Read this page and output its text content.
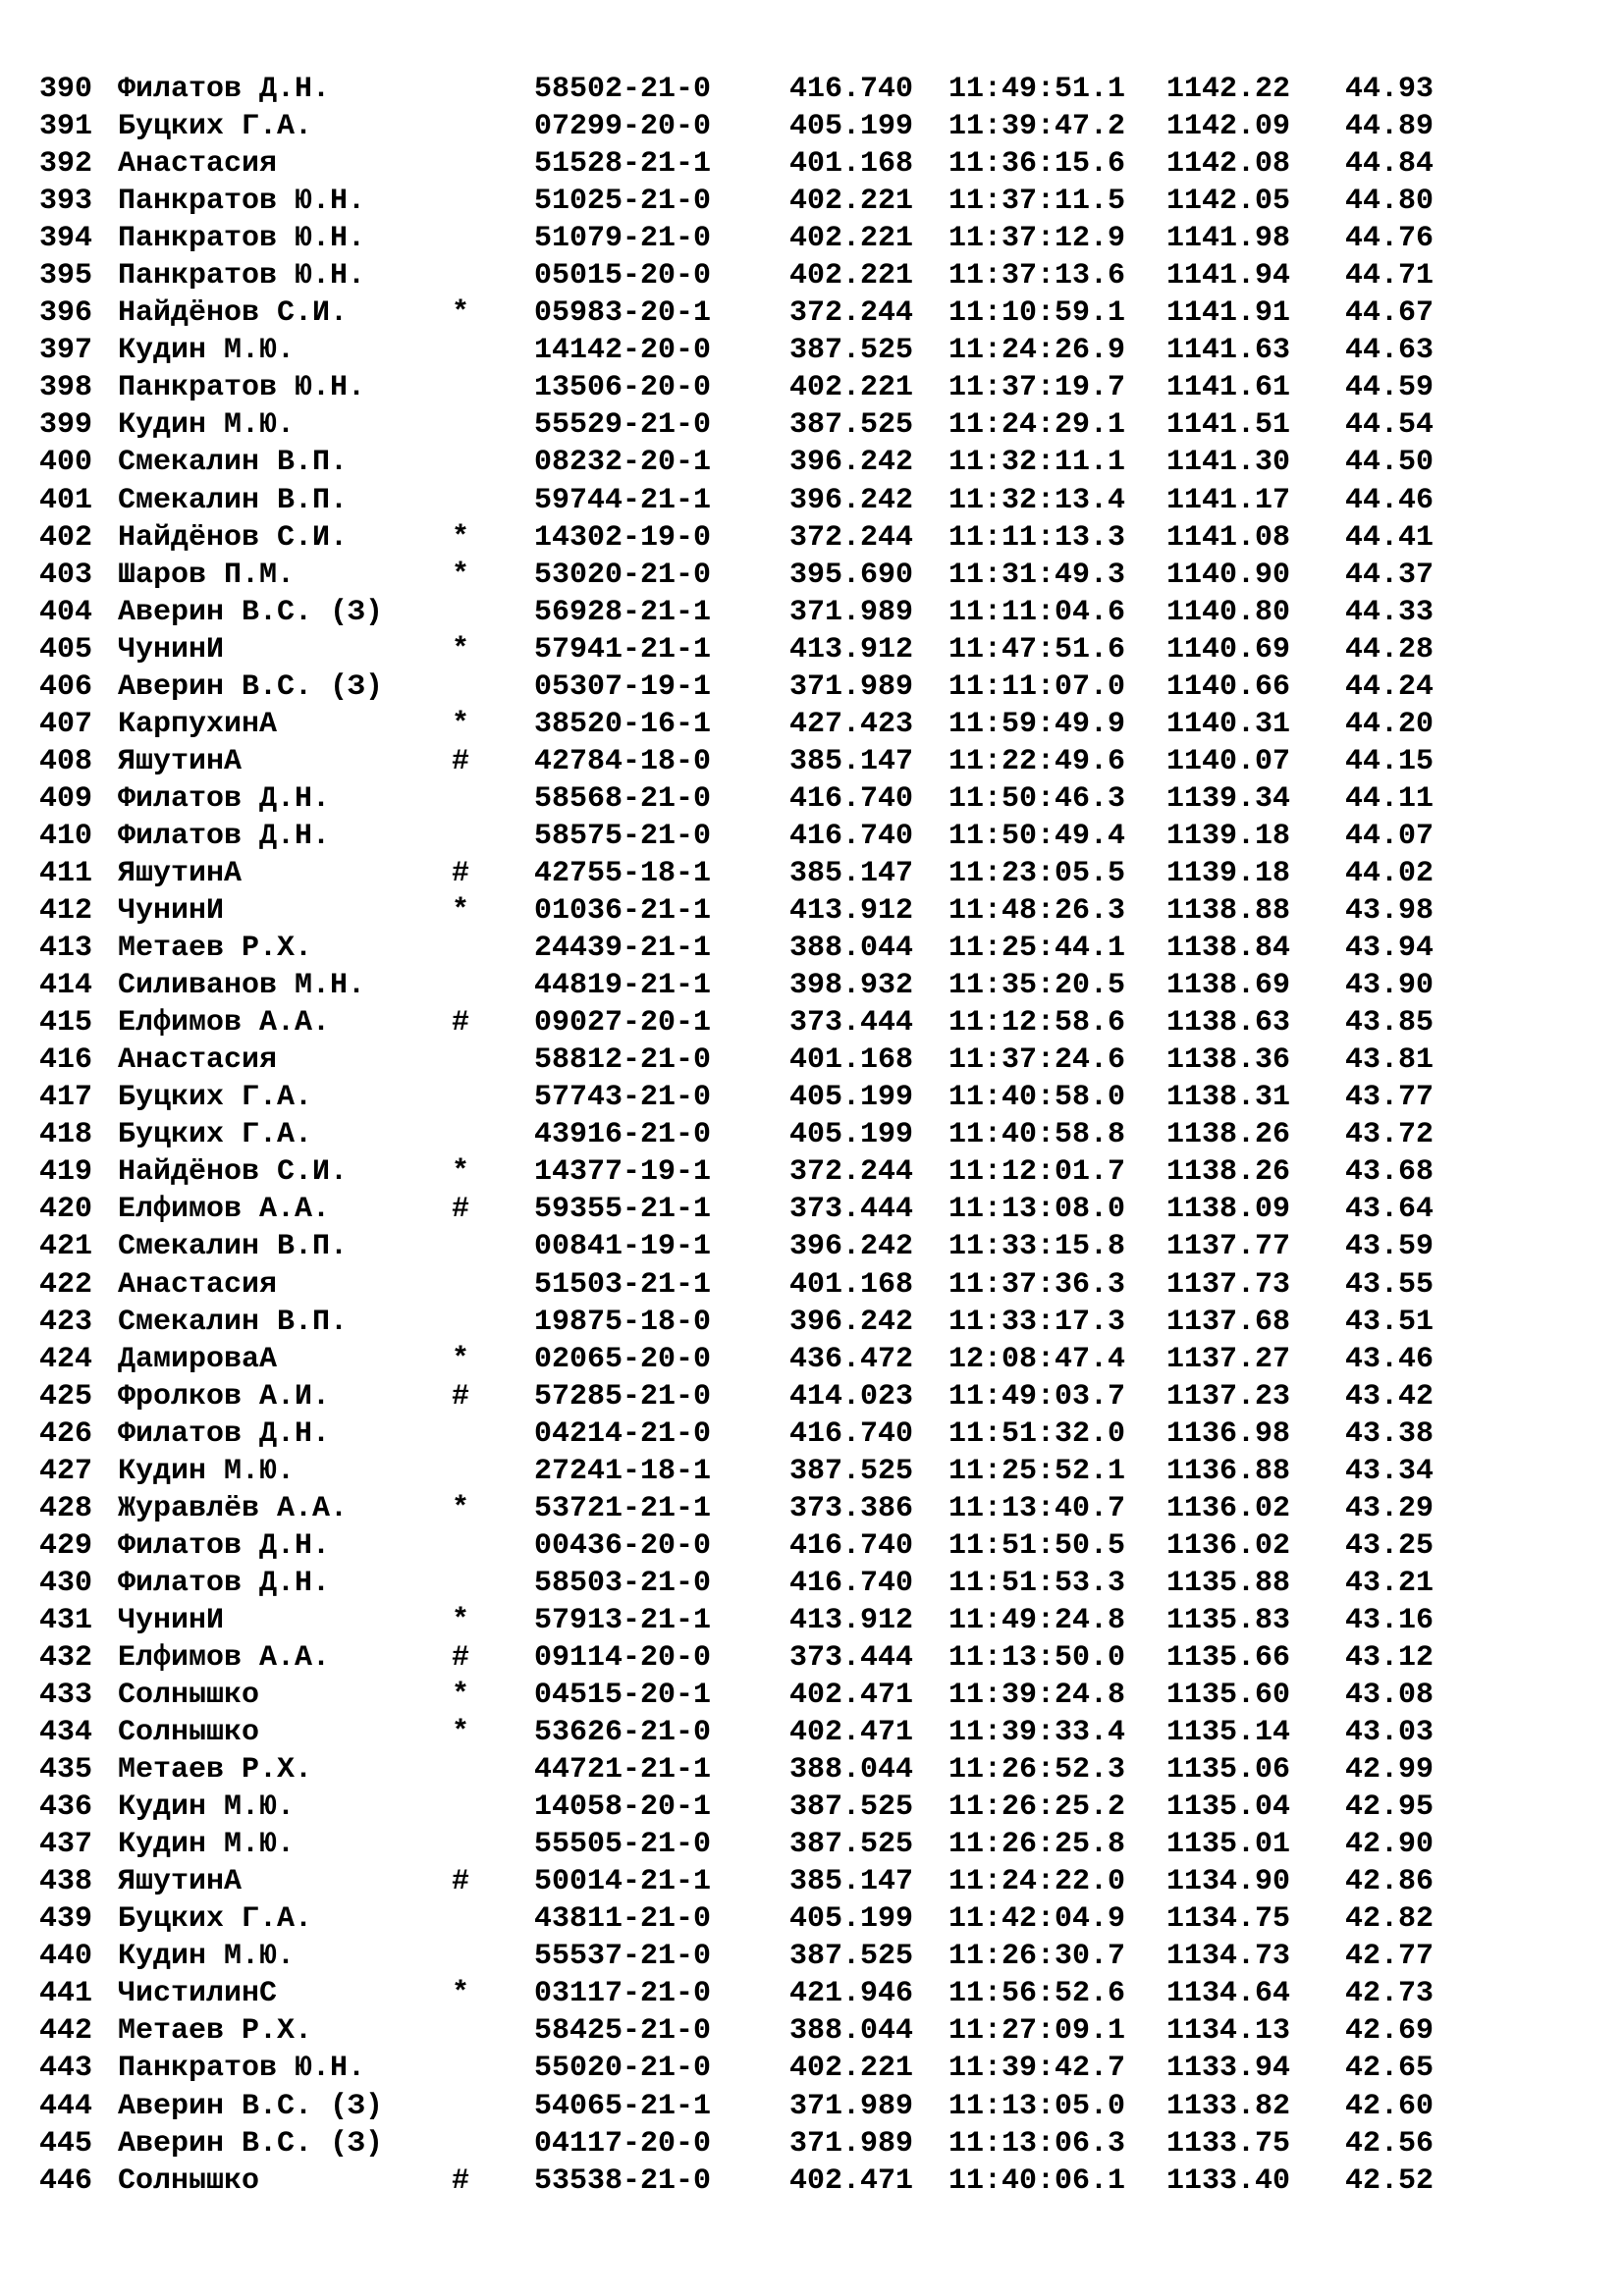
390 Филатов Д.Н.	58502-21-0	416.740 11:49:51.1 1142.22 44.93
391 Буцких Г.А.	07299-20-0	405.199 11:39:47.2 1142.09 44.89
392 Анастасия	51528-21-1	401.168 11:36:15.6 1142.08 44.84
393 Панкратов Ю.Н.	51025-21-0	402.221 11:37:11.5 1142.05 44.80
394 Панкратов Ю.Н.	51079-21-0	402.221 11:37:12.9 1141.98 44.76
395 Панкратов Ю.Н.	05015-20-0	402.221 11:37:13.6 1141.94 44.71
396 Найдёнов С.И.	* 05983-20-1	372.244 11:10:59.1 1141.91 44.67
397 Кудин М.Ю.	14142-20-0	387.525 11:24:26.9 1141.63 44.63
398 Панкратов Ю.Н.	13506-20-0	402.221 11:37:19.7 1141.61 44.59
399 Кудин М.Ю.	55529-21-0	387.525 11:24:29.1 1141.51 44.54
400 Смекалин В.П.	08232-20-1	396.242 11:32:11.1 1141.30 44.50
401 Смекалин В.П.	59744-21-1	396.242 11:32:13.4 1141.17 44.46
402 Найдёнов С.И.	* 14302-19-0	372.244 11:11:13.3 1141.08 44.41
403 Шаров П.М.	* 53020-21-0	395.690 11:31:49.3 1140.90 44.37
404 Аверин В.С. (З)	56928-21-1	371.989 11:11:04.6 1140.80 44.33
405 ЧунинИ	* 57941-21-1	413.912 11:47:51.6 1140.69 44.28
406 Аверин В.С. (З)	05307-19-1	371.989 11:11:07.0 1140.66 44.24
407 КарпухинА	* 38520-16-1	427.423 11:59:49.9 1140.31 44.20
408 ЯшутинА	# 42784-18-0	385.147 11:22:49.6 1140.07 44.15
409 Филатов Д.Н.	58568-21-0	416.740 11:50:46.3 1139.34 44.11
410 Филатов Д.Н.	58575-21-0	416.740 11:50:49.4 1139.18 44.07
411 ЯшутинА	# 42755-18-1	385.147 11:23:05.5 1139.18 44.02
412 ЧунинИ	* 01036-21-1	413.912 11:48:26.3 1138.88 43.98
413 Метаев Р.Х.	24439-21-1	388.044 11:25:44.1 1138.84 43.94
414 Силиванов М.Н.	44819-21-1	398.932 11:35:20.5 1138.69 43.90
415 Елфимов А.А.	# 09027-20-1	373.444 11:12:58.6 1138.63 43.85
416 Анастасия	58812-21-0	401.168 11:37:24.6 1138.36 43.81
417 Буцких Г.А.	57743-21-0	405.199 11:40:58.0 1138.31 43.77
418 Буцких Г.А.	43916-21-0	405.199 11:40:58.8 1138.26 43.72
419 Найдёнов С.И.	* 14377-19-1	372.244 11:12:01.7 1138.26 43.68
420 Елфимов А.А.	# 59355-21-1	373.444 11:13:08.0 1138.09 43.64
421 Смекалин В.П.	00841-19-1	396.242 11:33:15.8 1137.77 43.59
422 Анастасия	51503-21-1	401.168 11:37:36.3 1137.73 43.55
423 Смекалин В.П.	19875-18-0	396.242 11:33:17.3 1137.68 43.51
424 ДамироваА	* 02065-20-0	436.472 12:08:47.4 1137.27 43.46
425 Фролков А.И.	# 57285-21-0	414.023 11:49:03.7 1137.23 43.42
426 Филатов Д.Н.	04214-21-0	416.740 11:51:32.0 1136.98 43.38
427 Кудин М.Ю.	27241-18-1	387.525 11:25:52.1 1136.88 43.34
428 Журавлёв А.А.	* 53721-21-1	373.386 11:13:40.7 1136.02 43.29
429 Филатов Д.Н.	00436-20-0	416.740 11:51:50.5 1136.02 43.25
430 Филатов Д.Н.	58503-21-0	416.740 11:51:53.3 1135.88 43.21
431 ЧунинИ	* 57913-21-1	413.912 11:49:24.8 1135.83 43.16
432 Елфимов А.А.	# 09114-20-0	373.444 11:13:50.0 1135.66 43.12
433 Солнышко	* 04515-20-1	402.471 11:39:24.8 1135.60 43.08
434 Солнышко	* 53626-21-0	402.471 11:39:33.4 1135.14 43.03
435 Метаев Р.Х.	44721-21-1	388.044 11:26:52.3 1135.06 42.99
436 Кудин М.Ю.	14058-20-1	387.525 11:26:25.2 1135.04 42.95
437 Кудин М.Ю.	55505-21-0	387.525 11:26:25.8 1135.01 42.90
438 ЯшутинА	# 50014-21-1	385.147 11:24:22.0 1134.90 42.86
439 Буцких Г.А.	43811-21-0	405.199 11:42:04.9 1134.75 42.82
440 Кудин М.Ю.	55537-21-0	387.525 11:26:30.7 1134.73 42.77
441 ЧистилинС	* 03117-21-0	421.946 11:56:52.6 1134.64 42.73
442 Метаев Р.Х.	58425-21-0	388.044 11:27:09.1 1134.13 42.69
443 Панкратов Ю.Н.	55020-21-0	402.221 11:39:42.7 1133.94 42.65
444 Аверин В.С. (З)	54065-21-1	371.989 11:13:05.0 1133.82 42.60
445 Аверин В.С. (З)	04117-20-0	371.989 11:13:06.3 1133.75 42.56
446 Солнышко	# 53538-21-0	402.471 11:40:06.1 1133.40 42.52
